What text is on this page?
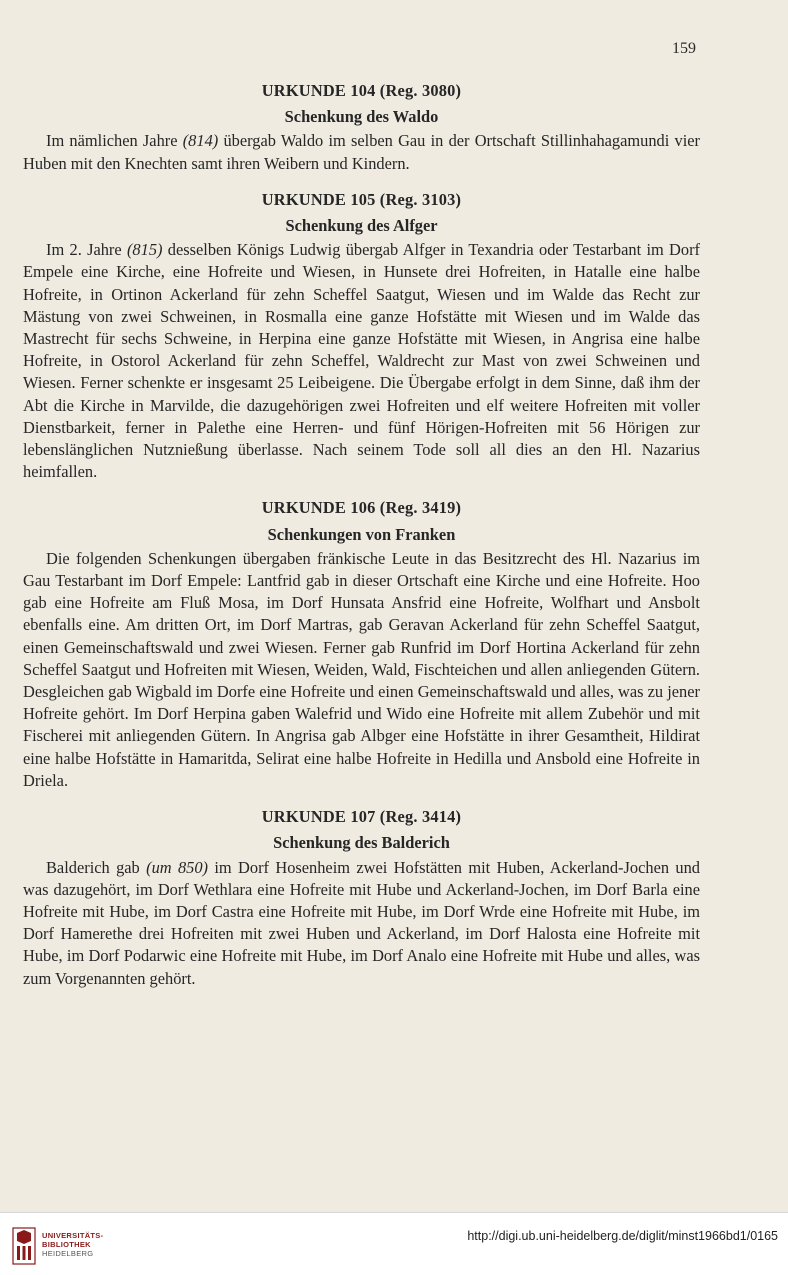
159
URKUNDE 104 (Reg. 3080)
Schenkung des Waldo

Im nämlichen Jahre (814) übergab Waldo im selben Gau in der Ortschaft Stillinhahagamundi vier Huben mit den Knechten samt ihren Weibern und Kindern.

URKUNDE 105 (Reg. 3103)
Schenkung des Alfger

Im 2. Jahre (815) desselben Königs Ludwig übergab Alfger in Texandria oder Testarbant im Dorf Empele eine Kirche, eine Hofreite und Wiesen, in Hunsete drei Hofreiten, in Hatalle eine halbe Hofreite, in Ortinon Ackerland für zehn Scheffel Saatgut, Wiesen und im Walde das Recht zur Mästung von zwei Schweinen, in Rosmalla eine ganze Hofstätte mit Wiesen und im Walde das Mastrecht für sechs Schweine, in Herpina eine ganze Hofstätte mit Wiesen, in Angrisa eine halbe Hofreite, in Ostorol Ackerland für zehn Scheffel, Waldrecht zur Mast von zwei Schweinen und Wiesen. Ferner schenkte er insgesamt 25 Leibeigene. Die Übergabe erfolgt in dem Sinne, daß ihm der Abt die Kirche in Marvilde, die dazugehörigen zwei Hofreiten und elf weitere Hofreiten mit voller Dienstbarkeit, ferner in Palethe eine Herren- und fünf Hörigen-Hofreiten mit 56 Hörigen zur lebenslänglichen Nutznießung überlasse. Nach seinem Tode soll all dies an den Hl. Nazarius heimfallen.

URKUNDE 106 (Reg. 3419)
Schenkungen von Franken

Die folgenden Schenkungen übergaben fränkische Leute in das Besitzrecht des Hl. Nazarius im Gau Testarbant im Dorf Empele: Lantfrid gab in dieser Ortschaft eine Kirche und eine Hofreite. Hoo gab eine Hofreite am Fluß Mosa, im Dorf Hunsata Ansfrid eine Hofreite, Wolfhart und Ansbolt ebenfalls eine. Am dritten Ort, im Dorf Martras, gab Geravan Ackerland für zehn Scheffel Saatgut, einen Gemeinschaftswald und zwei Wiesen. Ferner gab Runfrid im Dorf Hortina Ackerland für zehn Scheffel Saatgut und Hofreiten mit Wiesen, Weiden, Wald, Fischteichen und allen anliegenden Gütern. Desgleichen gab Wigbald im Dorfe eine Hofreite und einen Gemeinschaftswald und alles, was zu jener Hofreite gehört. Im Dorf Herpina gaben Walefrid und Wido eine Hofreite mit allem Zubehör und mit Fischerei mit anliegenden Gütern. In Angrisa gab Albger eine Hofstätte in ihrer Gesamtheit, Hildirat eine halbe Hofstätte in Hamaritda, Selirat eine halbe Hofreite in Hedilla und Ansbold eine Hofreite in Driela.

URKUNDE 107 (Reg. 3414)
Schenkung des Balderich

Balderich gab (um 850) im Dorf Hosenheim zwei Hofstätten mit Huben, Ackerland-Jochen und was dazugehört, im Dorf Wethlara eine Hofreite mit Hube und Ackerland-Jochen, im Dorf Barla eine Hofreite mit Hube, im Dorf Castra eine Hofreite mit Hube, im Dorf Wrde eine Hofreite mit Hube, im Dorf Hamerethe drei Hofreiten mit zwei Huben und Ackerland, im Dorf Halosta eine Hofreite mit Hube, im Dorf Podarwic eine Hofreite mit Hube, im Dorf Analo eine Hofreite mit Hube und alles, was zum Vorgenannten gehört.

UNIVERSITÄTS-
BIBLIOTHEK
HEIDELBERG
http://digi.ub.uni-heidelberg.de/diglit/minst1966bd1/0165
